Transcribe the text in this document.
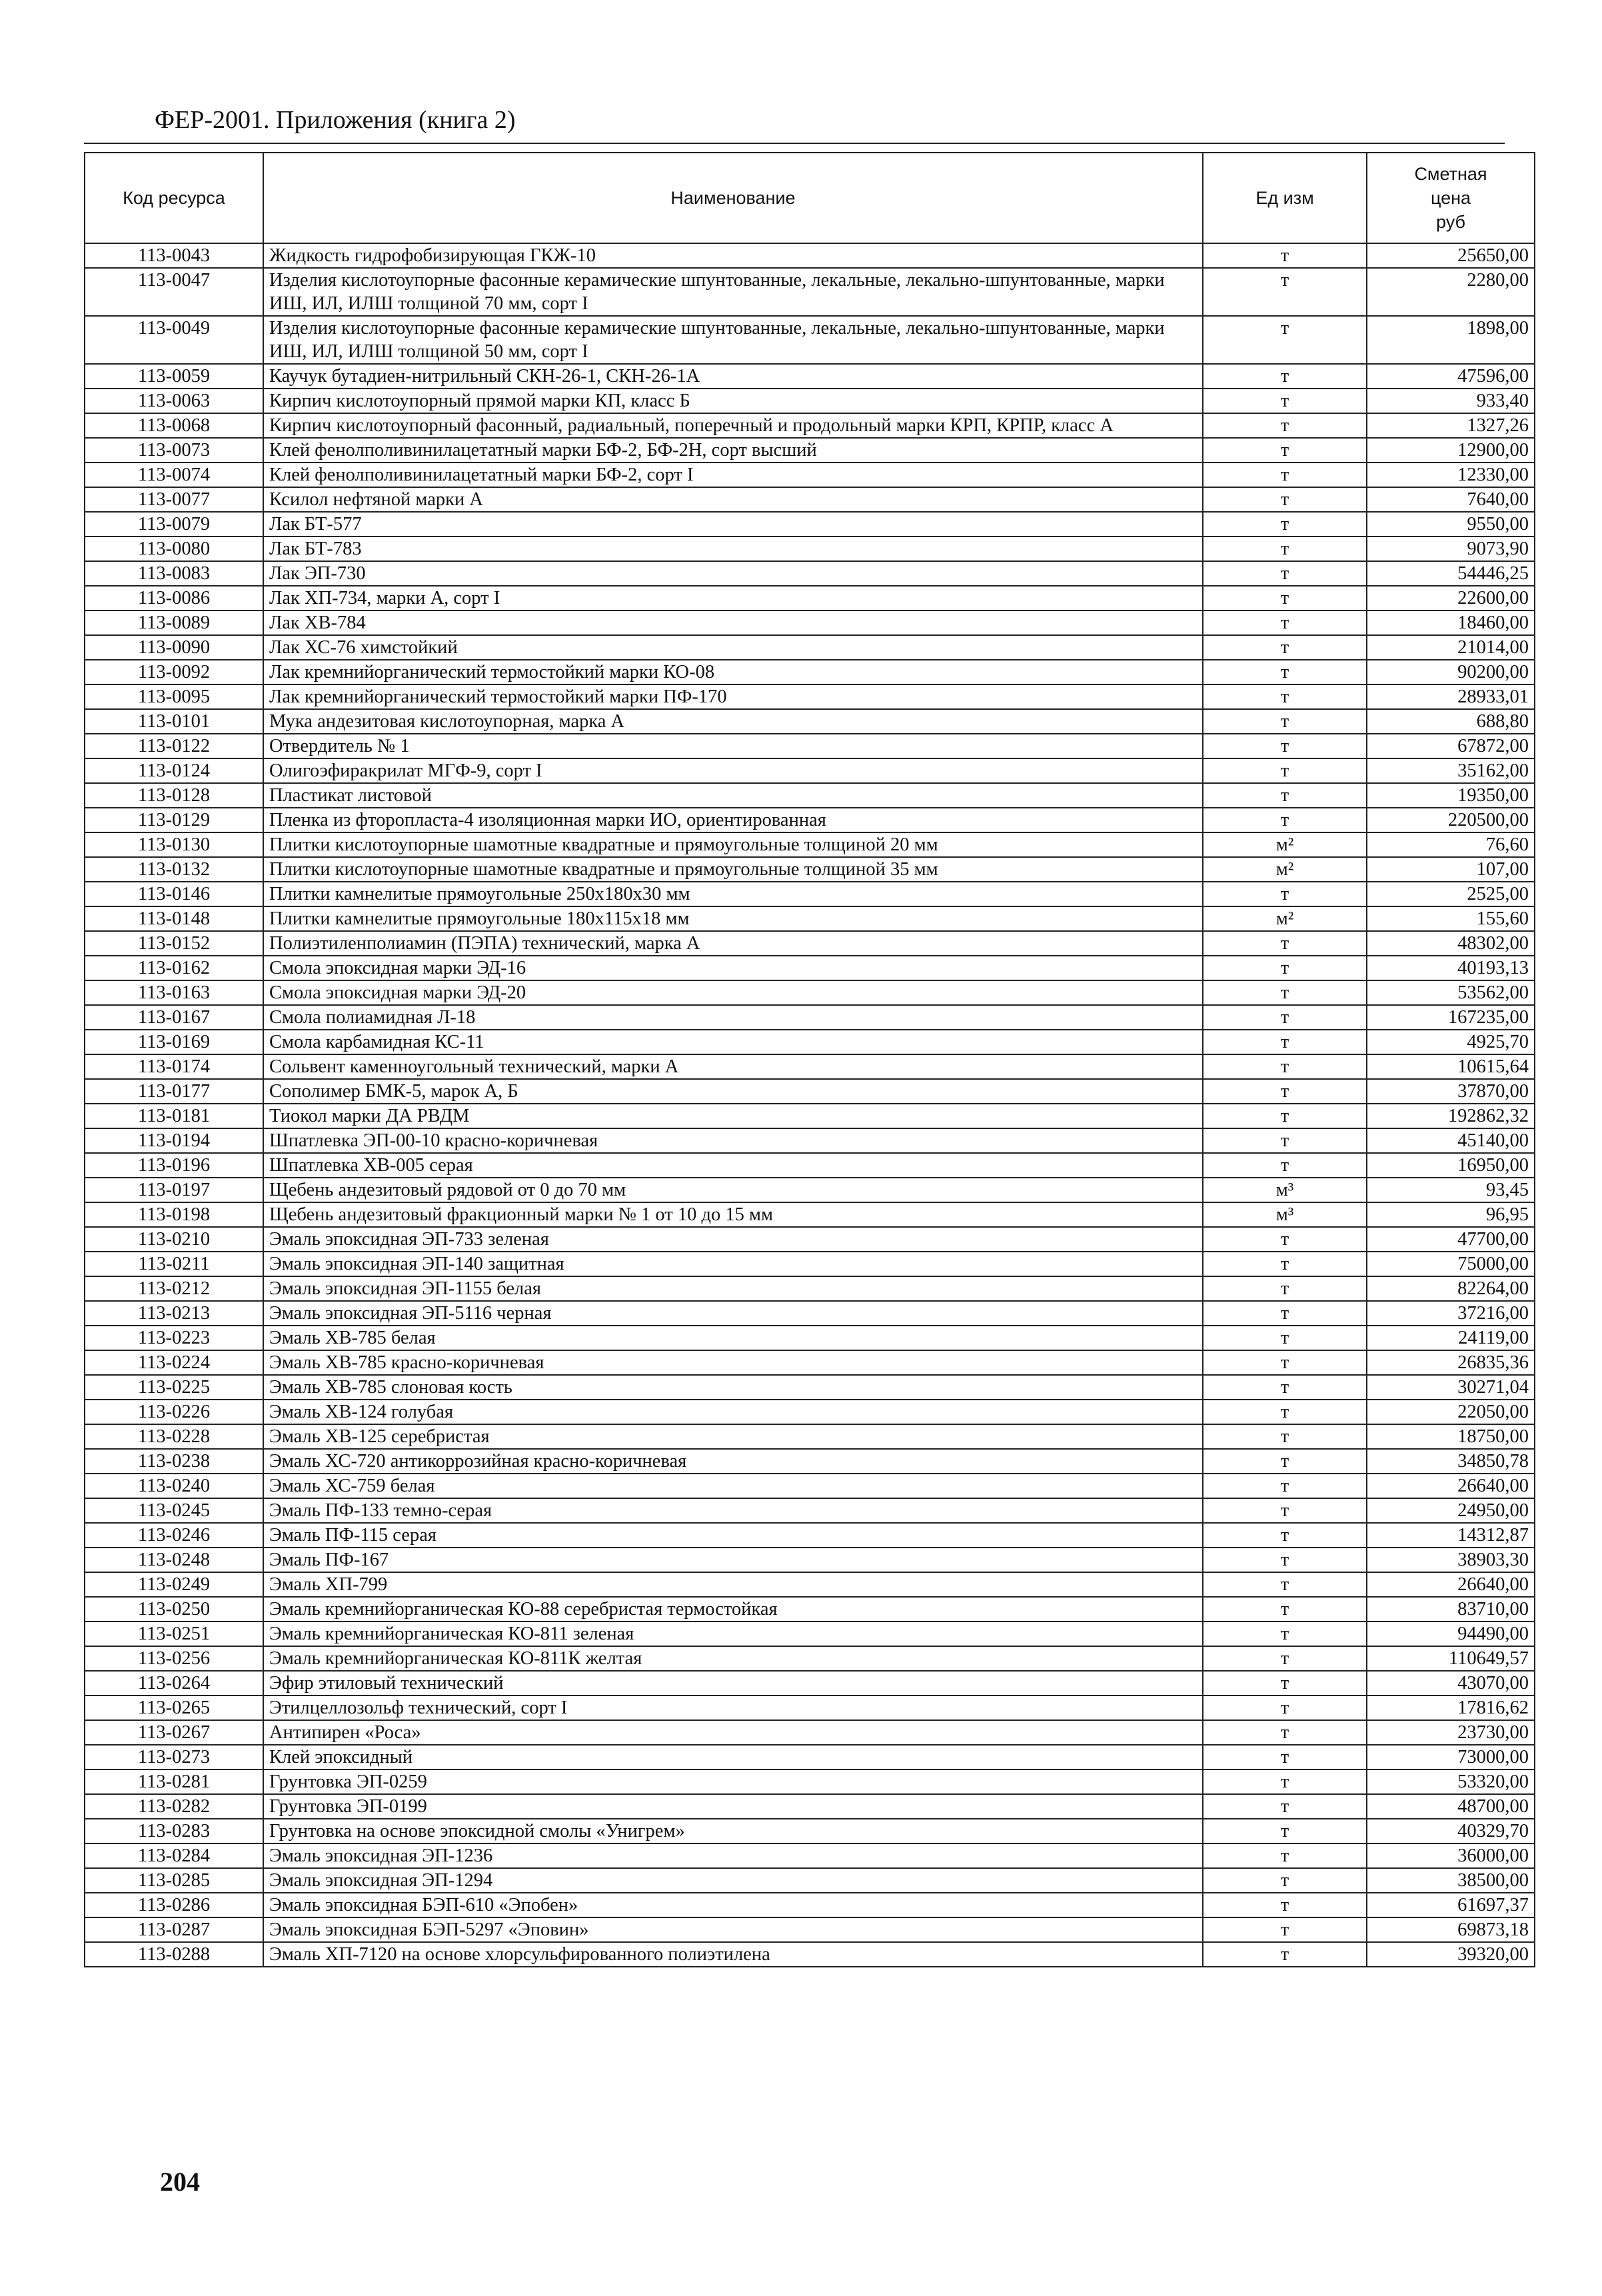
ФЕР-2001. Приложения (книга 2)
Код ресурса	Наименование	Ед изм	Сметная
цена
руб
113-0043	Жидкость гидрофобизирующая ГКЖ-10	т	25650,00
113-0047	Изделия кислотоупорные фасонные керамические шпунтованные, лекальные, лекально-шпунтованные, марки ИШ, ИЛ, ИЛШ толщиной 70 мм, сорт I	т	2280,00
113-0049	Изделия кислотоупорные фасонные керамические шпунтованные, лекальные, лекально-шпунтованные, марки ИШ, ИЛ, ИЛШ толщиной 50 мм, сорт I	т	1898,00
113-0059	Каучук бутадиен-нитрильный СКН-26-1, СКН-26-1А	т	47596,00
113-0063	Кирпич кислотоупорный прямой марки КП, класс Б	т	933,40
113-0068	Кирпич кислотоупорный фасонный, радиальный, поперечный и продольный марки КРП, КРПР, класс А	т	1327,26
113-0073	Клей фенолполивинилацетатный марки БФ-2, БФ-2Н, сорт высший	т	12900,00
113-0074	Клей фенолполивинилацетатный марки БФ-2, сорт I	т	12330,00
113-0077	Ксилол нефтяной марки А	т	7640,00
113-0079	Лак БТ-577	т	9550,00
113-0080	Лак БТ-783	т	9073,90
113-0083	Лак ЭП-730	т	54446,25
113-0086	Лак ХП-734, марки А, сорт I	т	22600,00
113-0089	Лак ХВ-784	т	18460,00
113-0090	Лак ХС-76 химстойкий	т	21014,00
113-0092	Лак кремнийорганический термостойкий марки КО-08	т	90200,00
113-0095	Лак кремнийорганический термостойкий марки ПФ-170	т	28933,01
113-0101	Мука андезитовая кислотоупорная, марка А	т	688,80
113-0122	Отвердитель № 1	т	67872,00
113-0124	Олигоэфиракрилат МГФ-9, сорт I	т	35162,00
113-0128	Пластикат листовой	т	19350,00
113-0129	Пленка из фторопласта-4 изоляционная марки ИО, ориентированная	т	220500,00
113-0130	Плитки кислотоупорные шамотные квадратные и прямоугольные толщиной 20 мм	м²	76,60
113-0132	Плитки кислотоупорные шамотные квадратные и прямоугольные толщиной 35 мм	м²	107,00
113-0146	Плитки камнелитые прямоугольные 250х180х30 мм	т	2525,00
113-0148	Плитки камнелитые прямоугольные 180х115х18 мм	м²	155,60
113-0152	Полиэтиленполиамин (ПЭПА) технический, марка А	т	48302,00
113-0162	Смола эпоксидная марки ЭД-16	т	40193,13
113-0163	Смола эпоксидная марки ЭД-20	т	53562,00
113-0167	Смола полиамидная Л-18	т	167235,00
113-0169	Смола карбамидная КС-11	т	4925,70
113-0174	Сольвент каменноугольный технический, марки А	т	10615,64
113-0177	Сополимер БМК-5, марок А, Б	т	37870,00
113-0181	Тиокол марки ДА РВДМ	т	192862,32
113-0194	Шпатлевка ЭП-00-10 красно-коричневая	т	45140,00
113-0196	Шпатлевка ХВ-005 серая	т	16950,00
113-0197	Щебень андезитовый рядовой от 0 до 70 мм	м³	93,45
113-0198	Щебень андезитовый фракционный марки № 1 от 10 до 15 мм	м³	96,95
113-0210	Эмаль эпоксидная ЭП-733 зеленая	т	47700,00
113-0211	Эмаль эпоксидная ЭП-140 защитная	т	75000,00
113-0212	Эмаль эпоксидная ЭП-1155 белая	т	82264,00
113-0213	Эмаль эпоксидная ЭП-5116 черная	т	37216,00
113-0223	Эмаль ХВ-785 белая	т	24119,00
113-0224	Эмаль ХВ-785 красно-коричневая	т	26835,36
113-0225	Эмаль ХВ-785 слоновая кость	т	30271,04
113-0226	Эмаль ХВ-124 голубая	т	22050,00
113-0228	Эмаль ХВ-125 серебристая	т	18750,00
113-0238	Эмаль ХС-720 антикоррозийная красно-коричневая	т	34850,78
113-0240	Эмаль ХС-759 белая	т	26640,00
113-0245	Эмаль ПФ-133 темно-серая	т	24950,00
113-0246	Эмаль ПФ-115 серая	т	14312,87
113-0248	Эмаль ПФ-167	т	38903,30
113-0249	Эмаль ХП-799	т	26640,00
113-0250	Эмаль кремнийорганическая КО-88 серебристая термостойкая	т	83710,00
113-0251	Эмаль кремнийорганическая КО-811 зеленая	т	94490,00
113-0256	Эмаль кремнийорганическая КО-811К желтая	т	110649,57
113-0264	Эфир этиловый технический	т	43070,00
113-0265	Этилцеллозольф технический, сорт I	т	17816,62
113-0267	Антипирен «Роса»	т	23730,00
113-0273	Клей эпоксидный	т	73000,00
113-0281	Грунтовка ЭП-0259	т	53320,00
113-0282	Грунтовка ЭП-0199	т	48700,00
113-0283	Грунтовка на основе эпоксидной смолы «Унигрем»	т	40329,70
113-0284	Эмаль эпоксидная ЭП-1236	т	36000,00
113-0285	Эмаль эпоксидная ЭП-1294	т	38500,00
113-0286	Эмаль эпоксидная БЭП-610 «Эпобен»	т	61697,37
113-0287	Эмаль эпоксидная БЭП-5297 «Эповин»	т	69873,18
113-0288	Эмаль ХП-7120 на основе хлорсульфированного полиэтилена	т	39320,00
204
